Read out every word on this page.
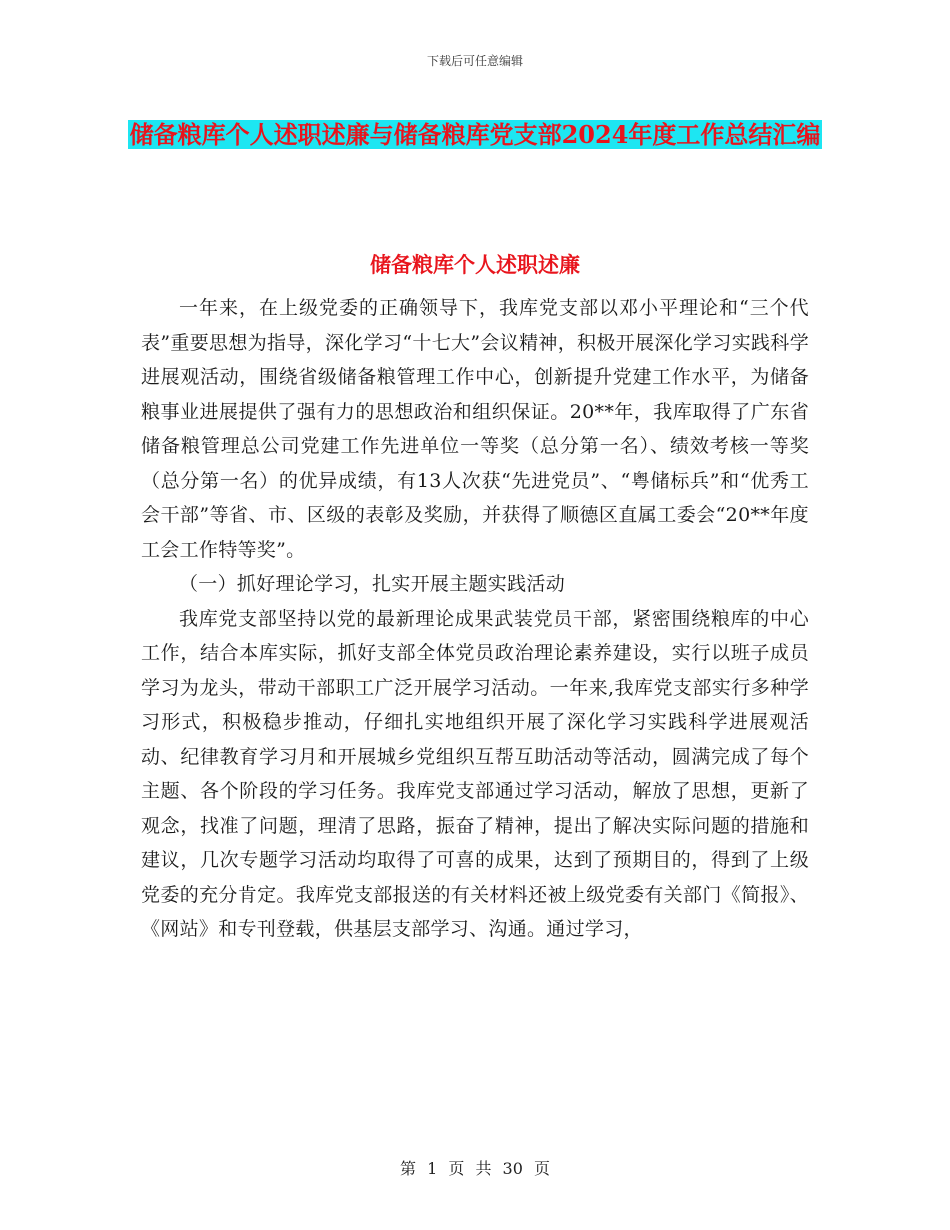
下载后可任意编辑
储备粮库个人述职述廉与储备粮库党支部2024年度工作总结汇编
储备粮库个人述职述廉

一年来，在上级党委的正确领导下，我库党支部以邓小平理论和“三个代表”重要思想为指导，深化学习“十七大”会议精神，积极开展深化学习实践科学进展观活动，围绕省级储备粮管理工作中心，创新提升党建工作水平，为储备粮事业进展提供了强有力的思想政治和组织保证。20**年，我库取得了广东省储备粮管理总公司党建工作先进单位一等奖（总分第一名）、绩效考核一等奖（总分第一名）的优异成绩，有13人次获“先进党员”、“粤储标兵”和“优秀工会干部”等省、市、区级的表彰及奖励，并获得了顺德区直属工委会“20**年度工会工作特等奖”。

（一）抓好理论学习，扎实开展主题实践活动

我库党支部坚持以党的最新理论成果武装党员干部，紧密围绕粮库的中心工作，结合本库实际，抓好支部全体党员政治理论素养建设，实行以班子成员学习为龙头，带动干部职工广泛开展学习活动。一年来,我库党支部实行多种学习形式，积极稳步推动，仔细扎实地组织开展了深化学习实践科学进展观活动、纪律教育学习月和开展城乡党组织互帮互助活动等活动，圆满完成了每个主题、各个阶段的学习任务。我库党支部通过学习活动，解放了思想，更新了观念，找准了问题，理清了思路，振奋了精神，提出了解决实际问题的措施和建议，几次专题学习活动均取得了可喜的成果，达到了预期目的，得到了上级党委的充分肯定。我库党支部报送的有关材料还被上级党委有关部门《简报》、《网站》和专刊登载，供基层支部学习、沟通。通过学习，

第 1 页 共 30 页
